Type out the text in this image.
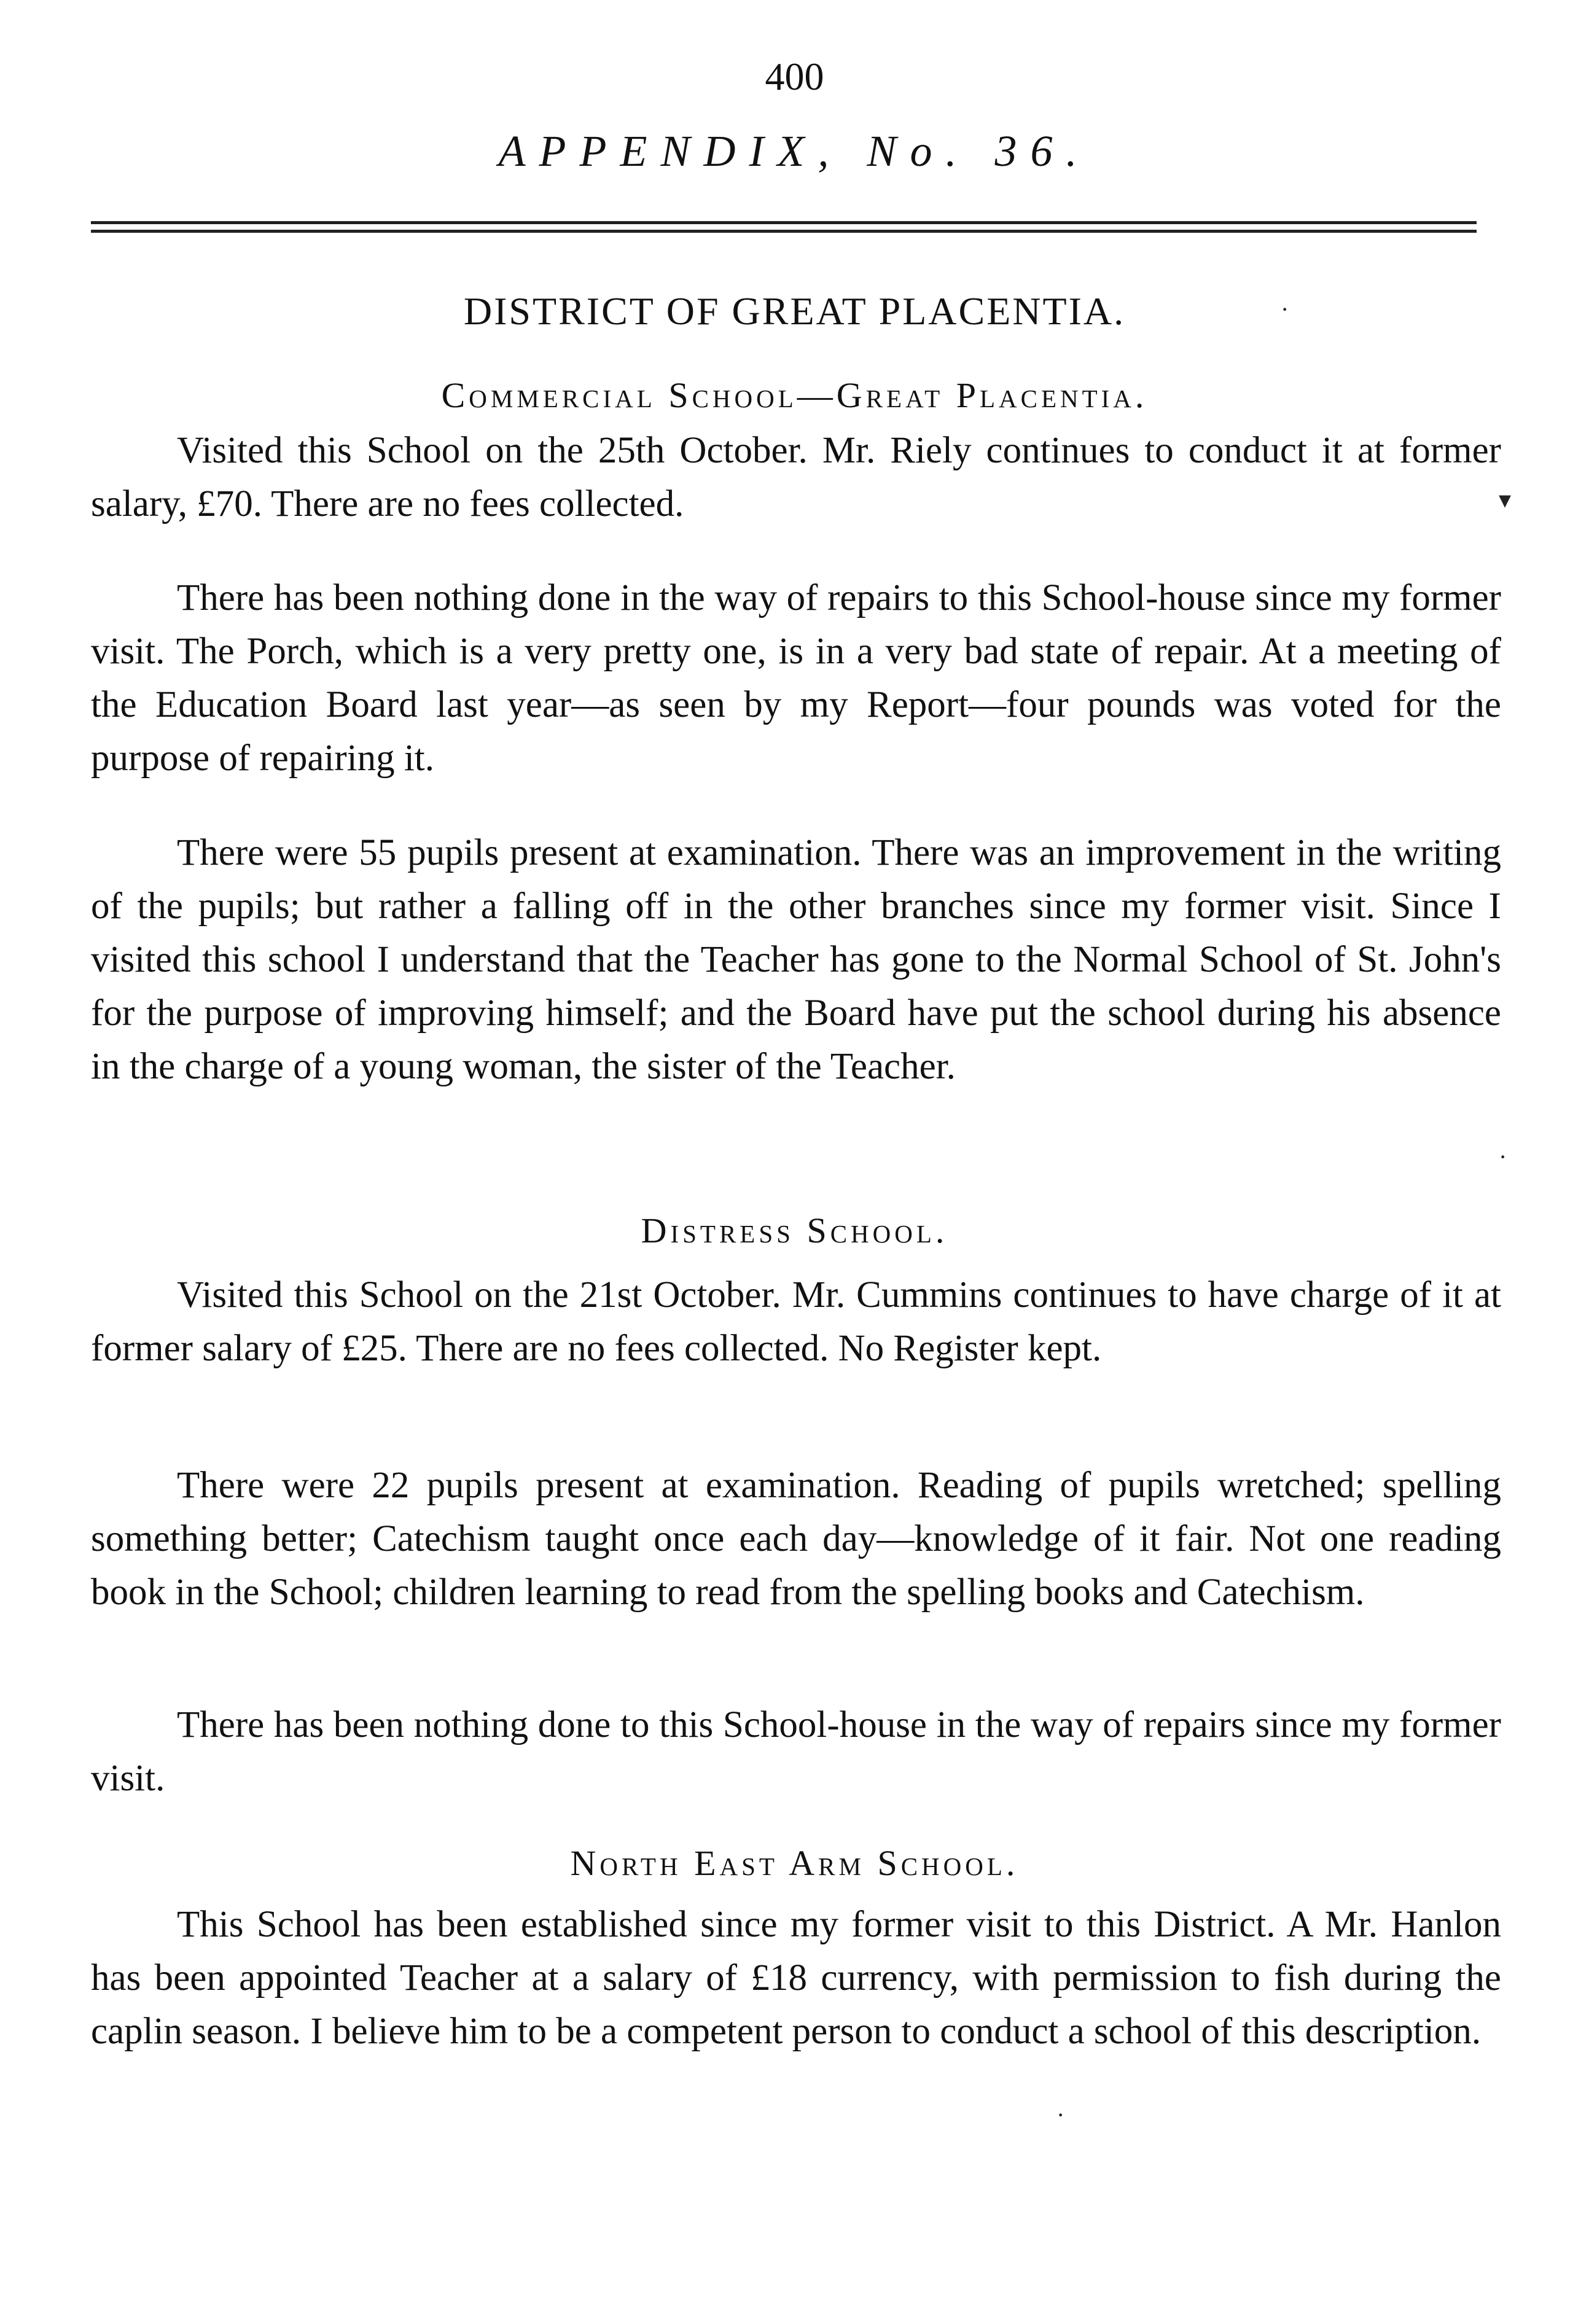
400
APPENDIX, No. 36.
DISTRICT OF GREAT PLACENTIA.
Commercial School—Great Placentia.

Visited this School on the 25th October. Mr. Riely continues to conduct it at former salary, £70. There are no fees collected.

There has been nothing done in the way of repairs to this School-house since my former visit. The Porch, which is a very pretty one, is in a very bad state of repair. At a meeting of the Education Board last year—as seen by my Report—four pounds was voted for the purpose of repairing it.

There were 55 pupils present at examination. There was an improvement in the writing of the pupils; but rather a falling off in the other branches since my former visit. Since I visited this school I understand that the Teacher has gone to the Normal School of St. John's for the purpose of improving himself; and the Board have put the school during his absence in the charge of a young woman, the sister of the Teacher.

Distress School.

Visited this School on the 21st October. Mr. Cummins continues to have charge of it at former salary of £25. There are no fees collected. No Register kept.

There were 22 pupils present at examination. Reading of pupils wretched; spelling something better; Catechism taught once each day—knowledge of it fair. Not one reading book in the School; children learning to read from the spelling books and Catechism.

There has been nothing done to this School-house in the way of repairs since my former visit.

North East Arm School.

This School has been established since my former visit to this District. A Mr. Hanlon has been appointed Teacher at a salary of £18 currency, with permission to fish during the caplin season. I believe him to be a competent person to conduct a school of this description.

▾
·
·
·
